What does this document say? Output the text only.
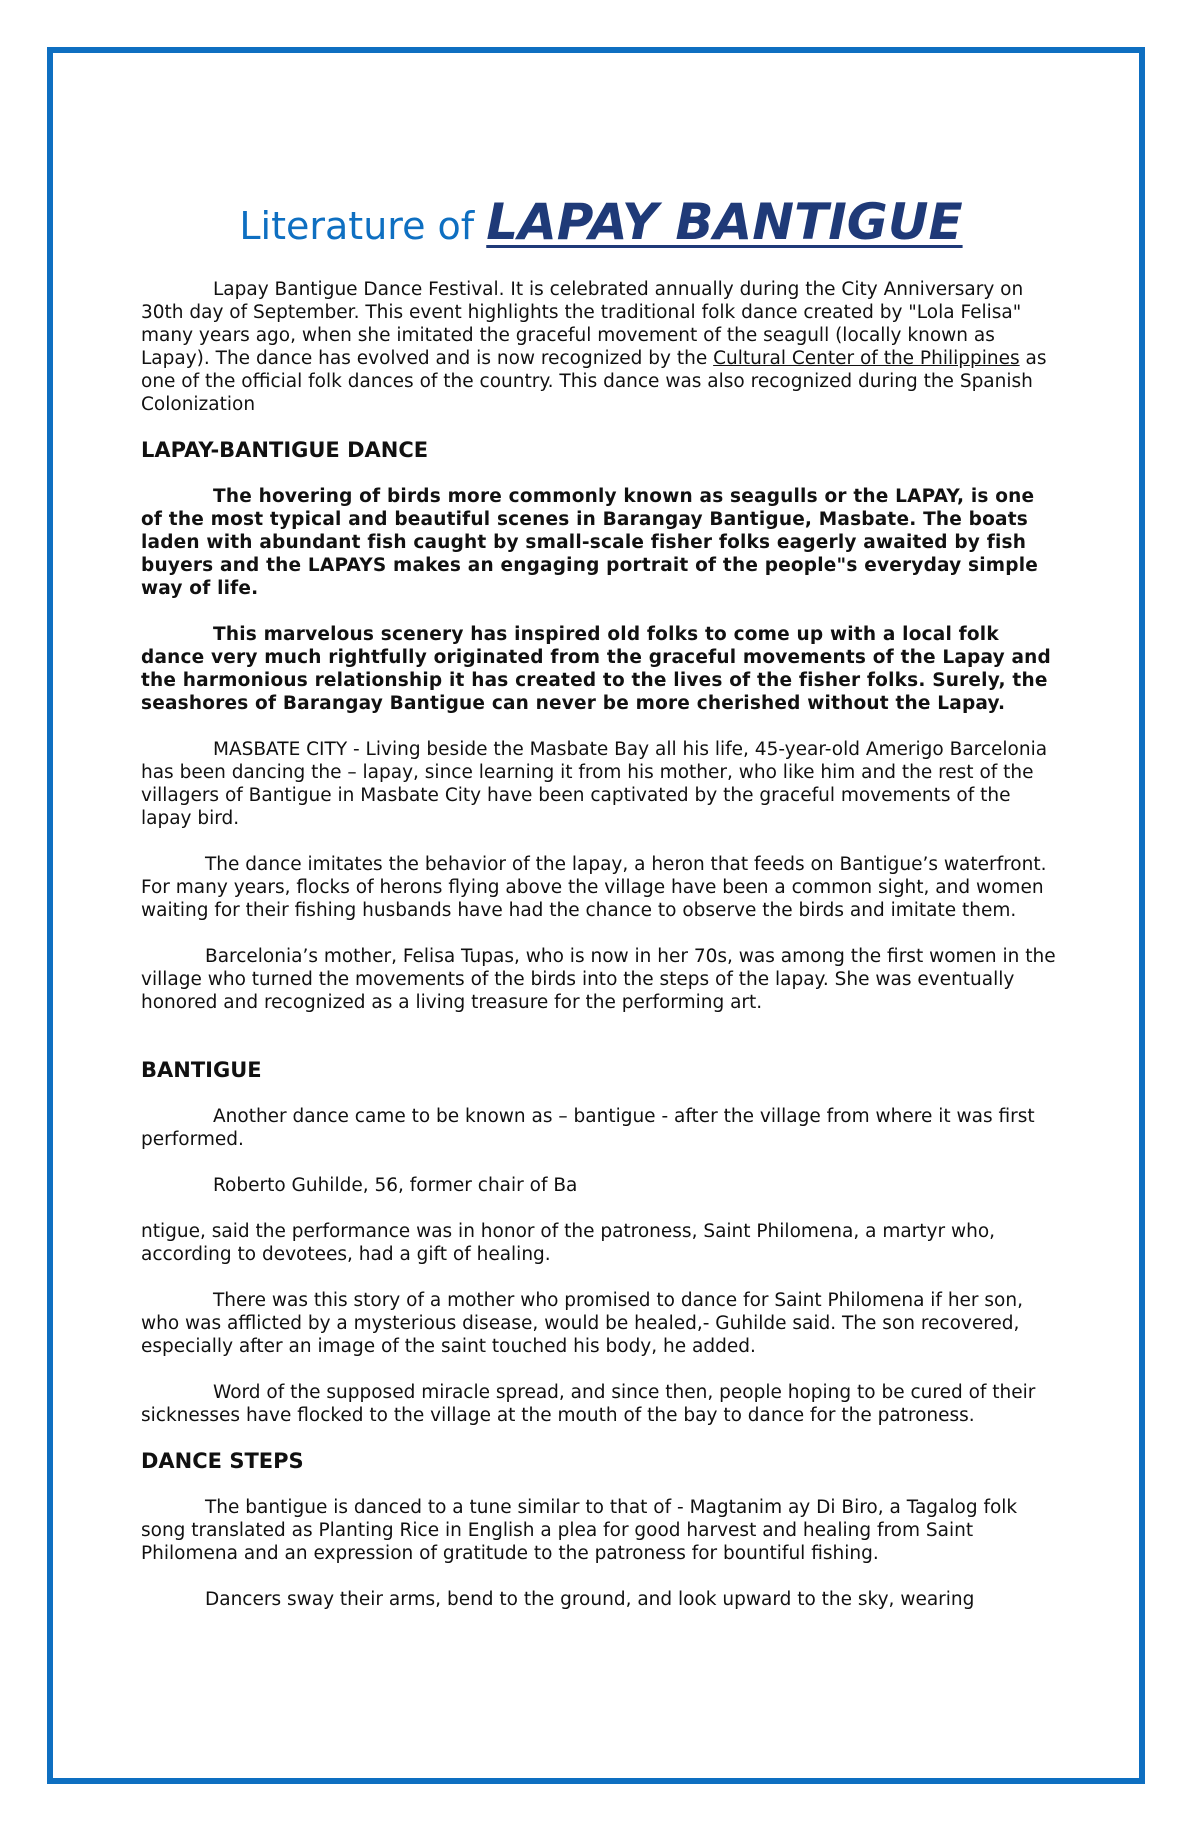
Literature of LAPAY BANTIGUE

Lapay Bantigue Dance Festival. It is celebrated annually during the City Anniversary on 30th day of September. This event highlights the traditional folk dance created by "Lola Felisa" many years ago, when she imitated the graceful movement of the seagull (locally known as Lapay). The dance has evolved and is now recognized by the Cultural Center of the Philippines as one of the official folk dances of the country. This dance was also recognized during the Spanish Colonization

LAPAY-BANTIGUE DANCE

The hovering of birds more commonly known as seagulls or the LAPAY, is one of the most typical and beautiful scenes in Barangay Bantigue, Masbate. The boats laden with abundant fish caught by small-scale fisher folks eagerly awaited by fish buyers and the LAPAYS makes an engaging portrait of the people"s everyday simple way of life.

This marvelous scenery has inspired old folks to come up with a local folk dance very much rightfully originated from the graceful movements of the Lapay and the harmonious relationship it has created to the lives of the fisher folks. Surely, the seashores of Barangay Bantigue can never be more cherished without the Lapay.

MASBATE CITY - Living beside the Masbate Bay all his life, 45-year-old Amerigo Barcelonia has been dancing the – lapay, since learning it from his mother, who like him and the rest of the villagers of Bantigue in Masbate City have been captivated by the graceful movements of the lapay bird.

The dance imitates the behavior of the lapay, a heron that feeds on Bantigue’s waterfront. For many years, flocks of herons flying above the village have been a common sight, and women waiting for their fishing husbands have had the chance to observe the birds and imitate them.

Barcelonia’s mother, Felisa Tupas, who is now in her 70s, was among the first women in the village who turned the movements of the birds into the steps of the lapay. She was eventually honored and recognized as a living treasure for the performing art.

BANTIGUE

Another dance came to be known as – bantigue - after the village from where it was first performed.

Roberto Guhilde, 56, former chair of Ba

ntigue, said the performance was in honor of the patroness, Saint Philomena, a martyr who, according to devotees, had a gift of healing.

There was this story of a mother who promised to dance for Saint Philomena if her son, who was afflicted by a mysterious disease, would be healed,- Guhilde said. The son recovered, especially after an image of the saint touched his body, he added.

Word of the supposed miracle spread, and since then, people hoping to be cured of their sicknesses have flocked to the village at the mouth of the bay to dance for the patroness.

DANCE STEPS

The bantigue is danced to a tune similar to that of - Magtanim ay Di Biro, a Tagalog folk song translated as Planting Rice in English a plea for good harvest and healing from Saint Philomena and an expression of gratitude to the patroness for bountiful fishing.

Dancers sway their arms, bend to the ground, and look upward to the sky, wearing
